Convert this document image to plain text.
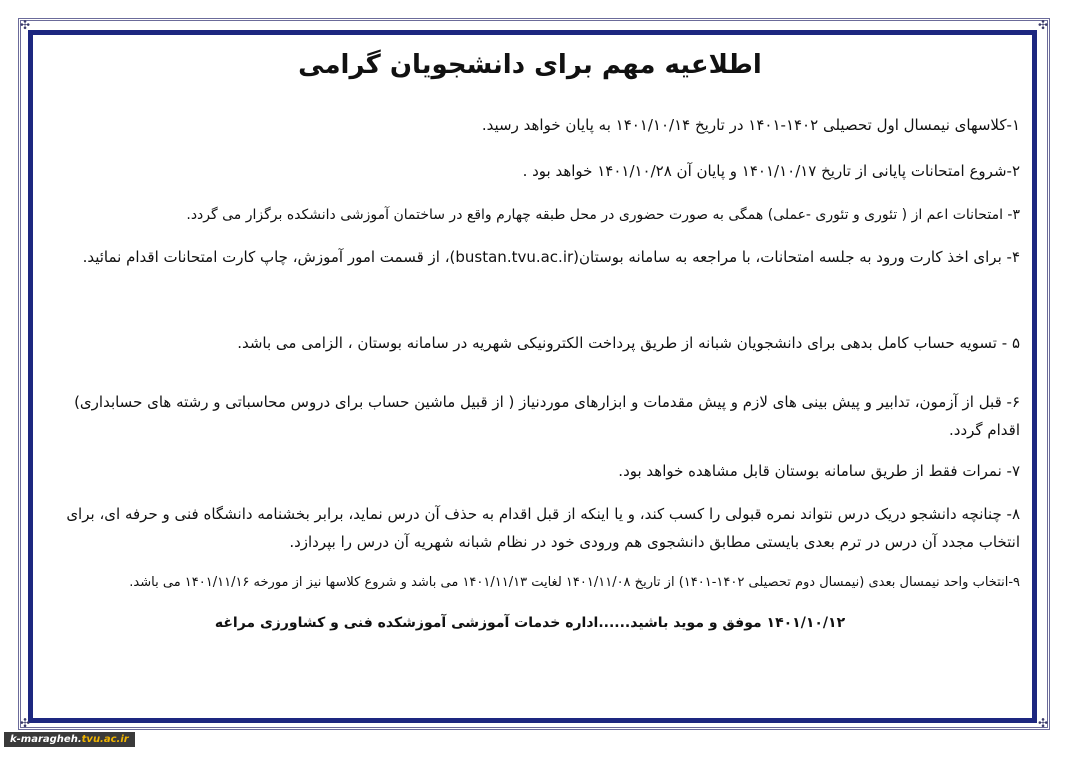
✣	✣
✣	✣
اطلاعیه مهم برای دانشجویان گرامی
۱-کلاسهای نیمسال اول تحصیلی ۱۴۰۲-۱۴۰۱ در تاریخ ۱۴۰۱/۱۰/۱۴ به پایان خواهد رسید.
۲-شروع امتحانات پایانی از تاریخ ۱۴۰۱/۱۰/۱۷ و پایان آن ۱۴۰۱/۱۰/۲۸ خواهد بود .
۳- امتحانات اعم از ( تئوری و تئوری -عملی) همگی به صورت حضوری در محل طبقه چهارم واقع در ساختمان آموزشی دانشکده برگزار می گردد.
۴- برای اخذ کارت ورود به جلسه امتحانات، با مراجعه به سامانه بوستان(bustan.tvu.ac.ir)، از قسمت امور آموزش، چاپ کارت امتحانات اقدام نمائید.
۵ - تسویه حساب کامل بدهی برای دانشجویان شبانه از طریق پرداخت الکترونیکی شهریه در سامانه بوستان ، الزامی می باشد.
۶- قبل از آزمون، تدابیر و پیش بینی های لازم و پیش مقدمات و ابزارهای موردنیاز ( از قبیل ماشین حساب برای دروس محاسباتی و رشته های حسابداری) اقدام گردد.
۷- نمرات فقط از طریق سامانه بوستان قابل مشاهده خواهد بود.
۸- چنانچه دانشجو دریک درس نتواند نمره قبولی را کسب کند، و یا اینکه از قبل اقدام به حذف آن درس نماید، برابر بخشنامه دانشگاه فنی و حرفه ای، برای انتخاب مجدد آن درس در ترم بعدی بایستی مطابق دانشجوی هم ورودی خود در نظام شبانه شهریه آن درس را بپردازد.
۹-انتخاب واحد نیمسال بعدی (نیمسال دوم تحصیلی ۱۴۰۲-۱۴۰۱) از تاریخ ۱۴۰۱/۱۱/۰۸ لغایت ۱۴۰۱/۱۱/۱۳ می باشد و شروع کلاسها نیز از مورخه ۱۴۰۱/۱۱/۱۶ می باشد.
۱۴۰۱/۱۰/۱۲ موفق و موید باشید......اداره خدمات آموزشی آموزشکده فنی و کشاورزی مراغه
k-maragheh.tvu.ac.ir
